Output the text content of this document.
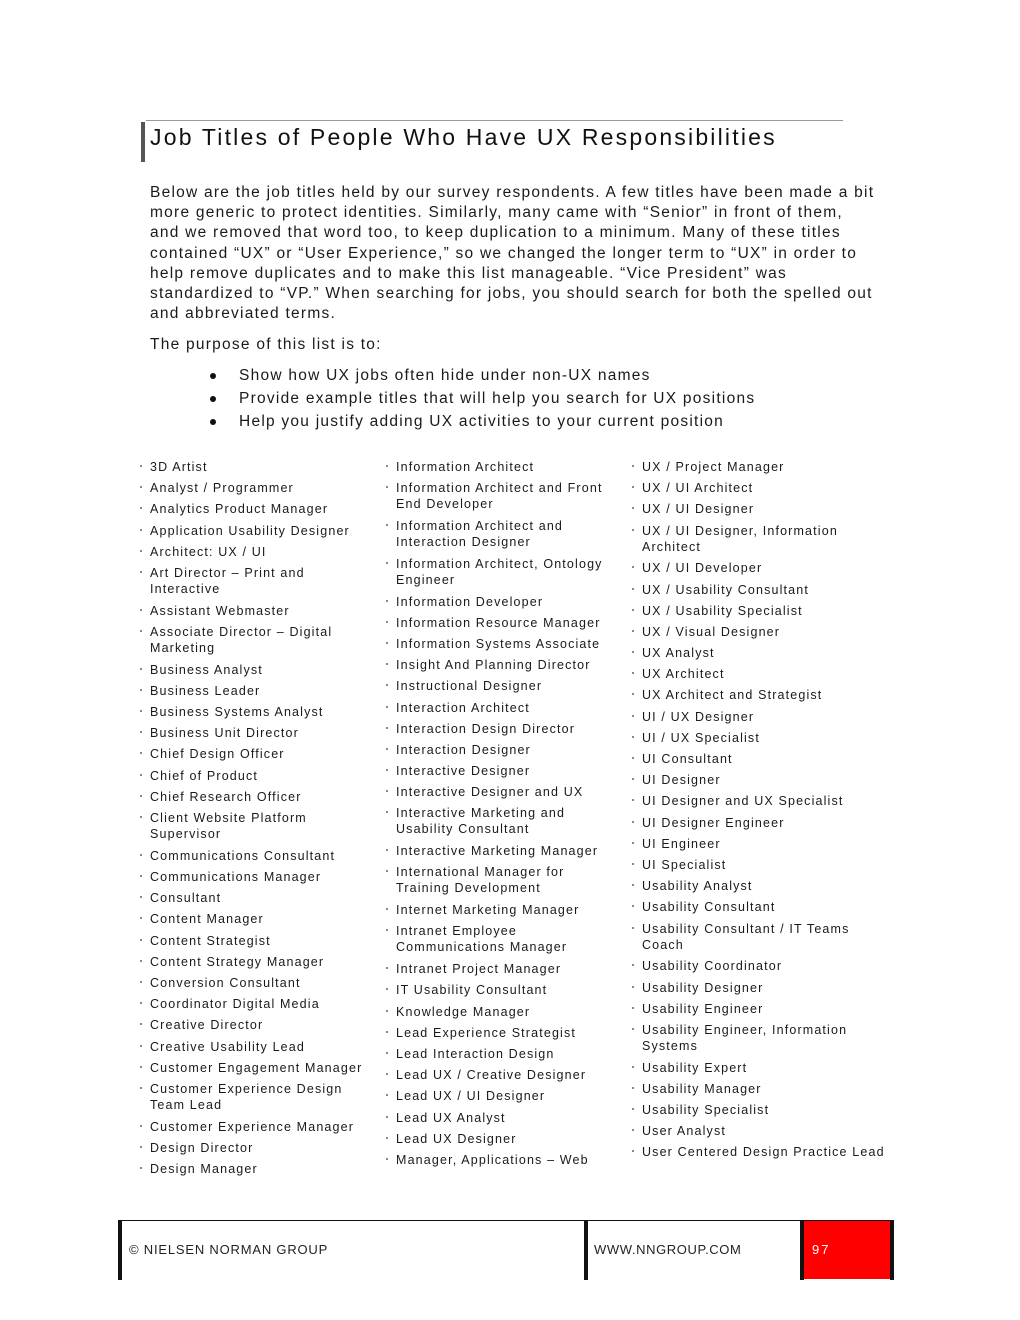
Job Titles of People Who Have UX Responsibilities

Below are the job titles held by our survey respondents. A few titles have been made a bit more generic to protect identities. Similarly, many came with “Senior” in front of them, and we removed that word too, to keep duplication to a minimum. Many of these titles contained “UX” or “User Experience,” so we changed the longer term to “UX” in order to help remove duplicates and to make this list manageable. “Vice President” was standardized to “VP.” When searching for jobs, you should search for both the spelled out and abbreviated terms.

The purpose of this list is to:

Show how UX jobs often hide under non-UX names
Provide example titles that will help you search for UX positions
Help you justify adding UX activities to your current position
3D Artist
Analyst / Programmer
Analytics Product Manager
Application Usability Designer
Architect: UX / UI
Art Director – Print and Interactive
Assistant Webmaster
Associate Director – Digital Marketing
Business Analyst
Business Leader
Business Systems Analyst
Business Unit Director
Chief Design Officer
Chief of Product
Chief Research Officer
Client Website Platform Supervisor
Communications Consultant
Communications Manager
Consultant
Content Manager
Content Strategist
Content Strategy Manager
Conversion Consultant
Coordinator Digital Media
Creative Director
Creative Usability Lead
Customer Engagement Manager
Customer Experience Design Team Lead
Customer Experience Manager
Design Director
Design Manager
Information Architect
Information Architect and Front End Developer
Information Architect and Interaction Designer
Information Architect, Ontology Engineer
Information Developer
Information Resource Manager
Information Systems Associate
Insight And Planning Director
Instructional Designer
Interaction Architect
Interaction Design Director
Interaction Designer
Interactive Designer
Interactive Designer and UX
Interactive Marketing and Usability Consultant
Interactive Marketing Manager
International Manager for Training Development
Internet Marketing Manager
Intranet Employee Communications Manager
Intranet Project Manager
IT Usability Consultant
Knowledge Manager
Lead Experience Strategist
Lead Interaction Design
Lead UX / Creative Designer
Lead UX / UI Designer
Lead UX Analyst
Lead UX Designer
Manager, Applications – Web
UX / Project Manager
UX / UI Architect
UX / UI Designer
UX / UI Designer, Information Architect
UX / UI Developer
UX / Usability Consultant
UX / Usability Specialist
UX / Visual Designer
UX Analyst
UX Architect
UX Architect and Strategist
UI / UX Designer
UI / UX Specialist
UI Consultant
UI Designer
UI Designer and UX Specialist
UI Designer Engineer
UI Engineer
UI Specialist
Usability Analyst
Usability Consultant
Usability Consultant / IT Teams Coach
Usability Coordinator
Usability Designer
Usability Engineer
Usability Engineer, Information Systems
Usability Expert
Usability Manager
Usability Specialist
User Analyst
User Centered Design Practice Lead
© NIELSEN NORMAN GROUP	WWW.NNGROUP.COM	97
